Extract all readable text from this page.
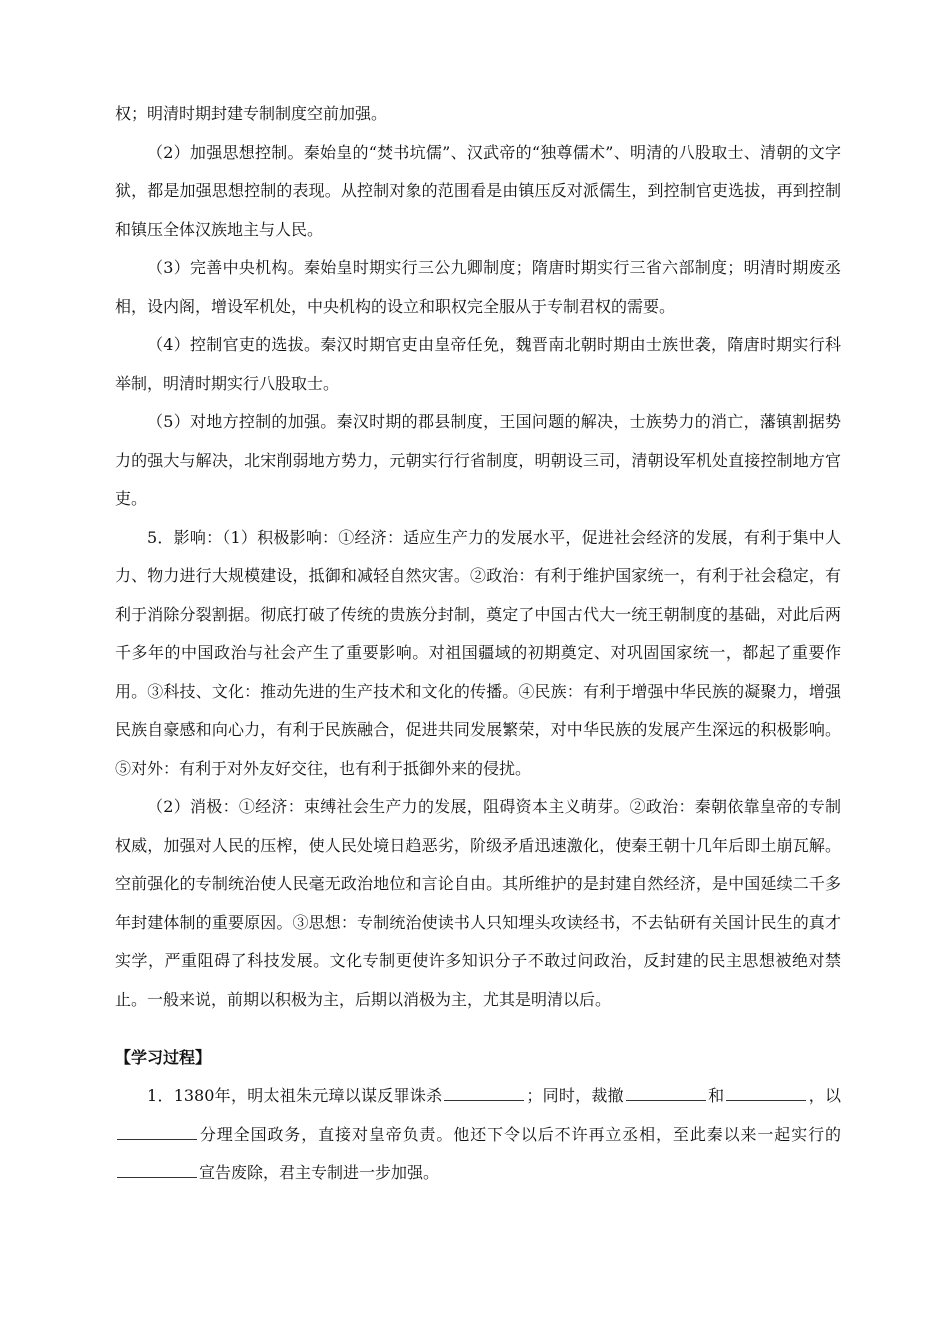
权；明清时期封建专制制度空前加强。

（2）加强思想控制。秦始皇的“焚书坑儒”、汉武帝的“独尊儒术”、明清的八股取士、清朝的文字狱，都是加强思想控制的表现。从控制对象的范围看是由镇压反对派儒生，到控制官吏选拔，再到控制和镇压全体汉族地主与人民。

（3）完善中央机构。秦始皇时期实行三公九卿制度；隋唐时期实行三省六部制度；明清时期废丞相，设内阁，增设军机处，中央机构的设立和职权完全服从于专制君权的需要。

（4）控制官吏的选拔。秦汉时期官吏由皇帝任免，魏晋南北朝时期由士族世袭，隋唐时期实行科举制，明清时期实行八股取士。

（5）对地方控制的加强。秦汉时期的郡县制度，王国问题的解决，士族势力的消亡，藩镇割据势力的强大与解决，北宋削弱地方势力，元朝实行行省制度，明朝设三司，清朝设军机处直接控制地方官吏。

5．影响：（1）积极影响：①经济：适应生产力的发展水平，促进社会经济的发展，有利于集中人力、物力进行大规模建设，抵御和减轻自然灾害。②政治：有利于维护国家统一，有利于社会稳定，有利于消除分裂割据。彻底打破了传统的贵族分封制，奠定了中国古代大一统王朝制度的基础，对此后两千多年的中国政治与社会产生了重要影响。对祖国疆域的初期奠定、对巩固国家统一，都起了重要作用。③科技、文化：推动先进的生产技术和文化的传播。④民族：有利于增强中华民族的凝聚力，增强民族自豪感和向心力，有利于民族融合，促进共同发展繁荣，对中华民族的发展产生深远的积极影响。⑤对外：有利于对外友好交往，也有利于抵御外来的侵扰。

（2）消极：①经济：束缚社会生产力的发展，阻碍资本主义萌芽。②政治：秦朝依靠皇帝的专制权威，加强对人民的压榨，使人民处境日趋恶劣，阶级矛盾迅速激化，使秦王朝十几年后即土崩瓦解。空前强化的专制统治使人民毫无政治地位和言论自由。其所维护的是封建自然经济，是中国延续二千多年封建体制的重要原因。③思想：专制统治使读书人只知埋头攻读经书，不去钻研有关国计民生的真才实学，严重阻碍了科技发展。文化专制更使许多知识分子不敢过问政治，反封建的民主思想被绝对禁止。一般来说，前期以积极为主，后期以消极为主，尤其是明清以后。

【学习过程】

1．1380年，明太祖朱元璋以谋反罪诛杀	；同时，裁撤	和	，以分理全国政务，直接对皇帝负责。他还下令以后不许再立丞相，至此秦以来一起实行的宣告废除，君主专制进一步加强。
